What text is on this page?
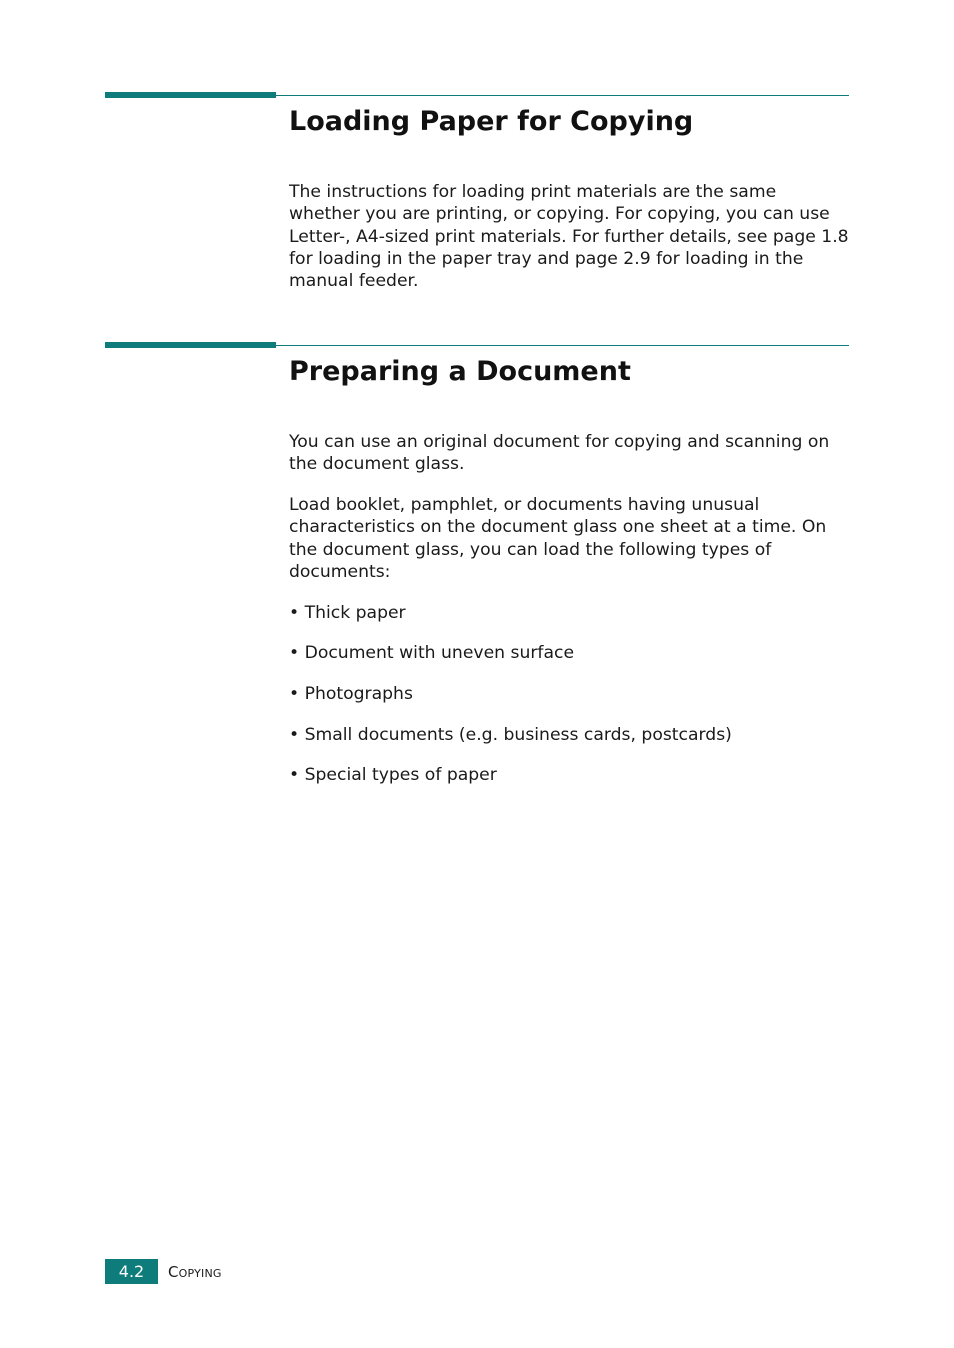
Loading Paper for Copying

The instructions for loading print materials are the same whether you are printing, or copying. For copying, you can use Letter-, A4-sized print materials. For further details, see page 1.8 for loading in the paper tray and page 2.9 for loading in the manual feeder.

Preparing a Document

You can use an original document for copying and scanning on the document glass.

Load booklet, pamphlet, or documents having unusual characteristics on the document glass one sheet at a time. On the document glass, you can load the following types of documents:

• Thick paper

• Document with uneven surface

• Photographs

• Small documents (e.g. business cards, postcards)

• Special types of paper

4.2	Copying
